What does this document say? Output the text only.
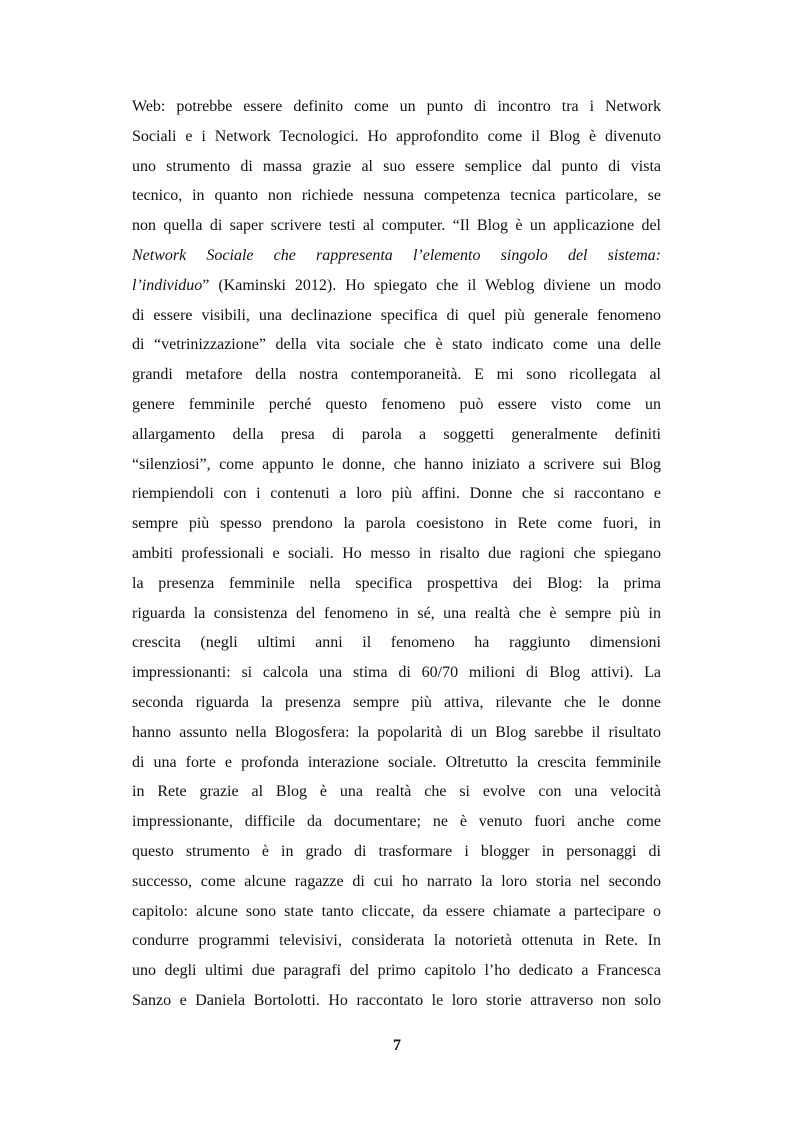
Web: potrebbe essere definito come un punto di incontro tra i Network
Sociali e i Network Tecnologici. Ho approfondito come il Blog è divenuto
uno strumento di massa grazie al suo essere semplice dal punto di vista
tecnico, in quanto non richiede nessuna competenza tecnica particolare, se
non quella di saper scrivere testi al computer. “Il Blog è un applicazione del
Network Sociale che rappresenta l’elemento singolo del sistema:
l’individuo” (Kaminski 2012). Ho spiegato che il Weblog diviene un modo
di essere visibili, una declinazione specifica di quel più generale fenomeno
di “vetrinizzazione” della vita sociale che è stato indicato come una delle
grandi metafore della nostra contemporaneità. E mi sono ricollegata al
genere femminile perché questo fenomeno può essere visto come un
allargamento della presa di parola a soggetti generalmente definiti
“silenziosi”, come appunto le donne, che hanno iniziato a scrivere sui Blog
riempiendoli con i contenuti a loro più affini. Donne che si raccontano e
sempre più spesso prendono la parola coesistono in Rete come fuori, in
ambiti professionali e sociali. Ho messo in risalto due ragioni che spiegano
la presenza femminile nella specifica prospettiva dei Blog: la prima
riguarda la consistenza del fenomeno in sé, una realtà che è sempre più in
crescita (negli ultimi anni il fenomeno ha raggiunto dimensioni
impressionanti: si calcola una stima di 60/70 milioni di Blog attivi). La
seconda riguarda la presenza sempre più attiva, rilevante che le donne
hanno assunto nella Blogosfera: la popolarità di un Blog sarebbe il risultato
di una forte e profonda interazione sociale. Oltretutto la crescita femminile
in Rete grazie al Blog è una realtà che si evolve con una velocità
impressionante, difficile da documentare; ne è venuto fuori anche come
questo strumento è in grado di trasformare i blogger in personaggi di
successo, come alcune ragazze di cui ho narrato la loro storia nel secondo
capitolo: alcune sono state tanto cliccate, da essere chiamate a partecipare o
condurre programmi televisivi, considerata la notorietà ottenuta in Rete. In
uno degli ultimi due paragrafi del primo capitolo l’ho dedicato a Francesca
Sanzo e Daniela Bortolotti. Ho raccontato le loro storie attraverso non solo
7
